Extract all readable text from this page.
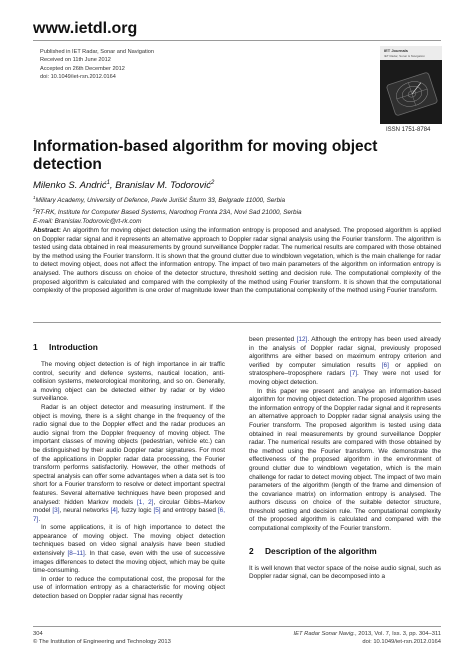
www.ietdl.org
Published in IET Radar, Sonar and Navigation
Received on 11th June 2012
Accepted on 26th December 2012
doi: 10.1049/iet-rsn.2012.0164
IET Journals
IET Radar, Sonar & Navigation
ISSN 1751-8784
Information-based algorithm for moving object
detection
Milenko S. Andrić$^1$, Branislav M. Todorović$^2$
$^1$Military Academy, University of Defence, Pavle Jurišić Šturm 33, Belgrade 11000, Serbia
$^2$RT-RK, Institute for Computer Based Systems, Narodnog Fronta 23A, Novi Sad 21000, Serbia
E-mail: Branislav.Todorovic@rt-rk.com
Abstract: An algorithm for moving object detection using the information entropy is proposed and analysed. The proposed algorithm is applied on Doppler radar signal and it represents an alternative approach to Doppler radar signal analysis using the Fourier transform. The algorithm is tested using data obtained in real measurements by ground surveillance Doppler radar. The numerical results are compared with those obtained by the method using the Fourier transform. It is shown that the ground clutter due to windblown vegetation, which is the main challenge for radar to detect moving object, does not affect the information entropy. The impact of two main parameters of the algorithm on information entropy is analysed. The authors discuss on choice of the detector structure, threshold setting and decision rule. The computational complexity of the proposed algorithm is calculated and compared with the complexity of the method using Fourier transform. It is shown that the computational complexity of the proposed algorithm is one order of magnitude lower than the computational complexity of the method using Fourier transform.
1 Introduction

The moving object detection is of high importance in air traffic control, security and defence systems, nautical location, anti-collision systems, meteorological monitoring, and so on. Generally, a moving object can be detected either by radar or by video surveillance.

Radar is an object detector and measuring instrument. If the object is moving, there is a slight change in the frequency of the radio signal due to the Doppler effect and the radar produces an audio signal from the Doppler frequency of moving object. The important classes of moving objects (pedestrian, vehicle etc.) can be distinguished by their audio Doppler radar signatures. For most of the applications in Doppler radar data processing, the Fourier transform performs satisfactorily. However, the other methods of spectral analysis can offer some advantages when a data set is too short for a Fourier transform to resolve or detect important spectral features. Several alternative techniques have been proposed and analysed: hidden Markov models [1, 2], circular Gibbs–Markov model [3], neural networks [4], fuzzy logic [5] and entropy based [6, 7].

In some applications, it is of high importance to detect the appearance of moving object. The moving object detection techniques based on video signal analysis have been studied extensively [8–11]. In that case, even with the use of successive images differences to detect the moving object, which may be quite time-consuming.

In order to reduce the computational cost, the proposal for the use of information entropy as a characteristic for moving object detection based on Doppler radar signal has recently

been presented [12]. Although the entropy has been used already in the analysis of Doppler radar signal, previously proposed algorithms are either based on maximum entropy criterion and verified by computer simulation results [6] or applied on stratosphere–troposphere radars [7]. They were not used for moving object detection.

In this paper we present and analyse an information-based algorithm for moving object detection. The proposed algorithm uses the information entropy of the Doppler radar signal and it represents an alternative approach to Doppler radar signal analysis using the Fourier transform. The proposed algorithm is tested using data obtained in real measurements by ground surveillance Doppler radar. The numerical results are compared with those obtained by the method using the Fourier transform. We demonstrate the effectiveness of the proposed algorithm in the environment of ground clutter due to windblown vegetation, which is the main challenge for radar to detect moving object. The impact of two main parameters of the algorithm (length of the frame and dimension of the covariance matrix) on information entropy is analysed. The authors discuss on choice of the suitable detector structure, threshold setting and decision rule. The computational complexity of the proposed algorithm is calculated and compared with the computational complexity of the Fourier transform.

2 Description of the algorithm

It is well known that vector space of the noise audio signal, such as Doppler radar signal, can be decomposed into a

304
© The Institution of Engineering and Technology 2013
IET Radar Sonar Navig., 2013, Vol. 7, Iss. 3, pp. 304–311
doi: 10.1049/iet-rsn.2012.0164
